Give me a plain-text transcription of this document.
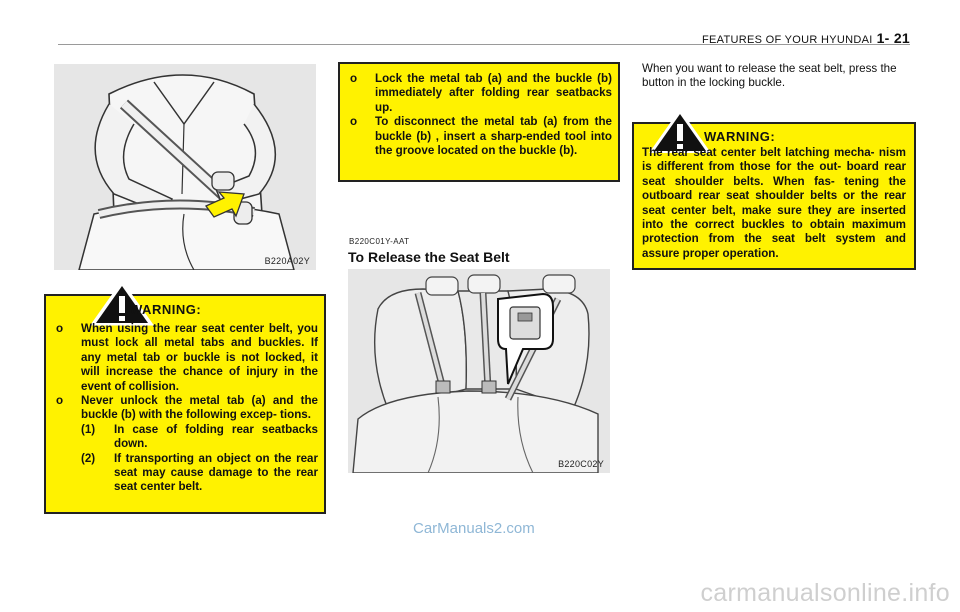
FEATURES OF YOUR HYUNDAI 1- 21
B220A02Y
WARNING:
o When using the rear seat center belt, you must lock all metal tabs and buckles. If any metal tab or buckle is not locked, it will increase the chance of injury in the event of collision.
o Never unlock the metal tab (a) and the buckle (b) with the following excep- tions.
(1) In case of folding rear seatbacks down.
(2) If transporting an object on the rear seat may cause damage to the rear seat center belt.
o Lock the metal tab (a) and the buckle (b) immediately after folding rear seatbacks up.
o To disconnect the metal tab (a) from the buckle (b) , insert a sharp-ended tool into the groove located on the buckle (b).
B220C01Y-AAT
To Release the Seat Belt
B220C02Y
When you want to release the seat belt, press the button in the locking buckle.
WARNING:
The rear seat center belt latching mecha- nism is different from those for the out- board rear seat shoulder belts. When fas- tening the outboard rear seat shoulder belts or the rear seat center belt, make sure they are inserted into the correct buckles to obtain maximum protection from the seat belt system and assure proper operation.
CarManuals2.com
carmanualsonline.info
